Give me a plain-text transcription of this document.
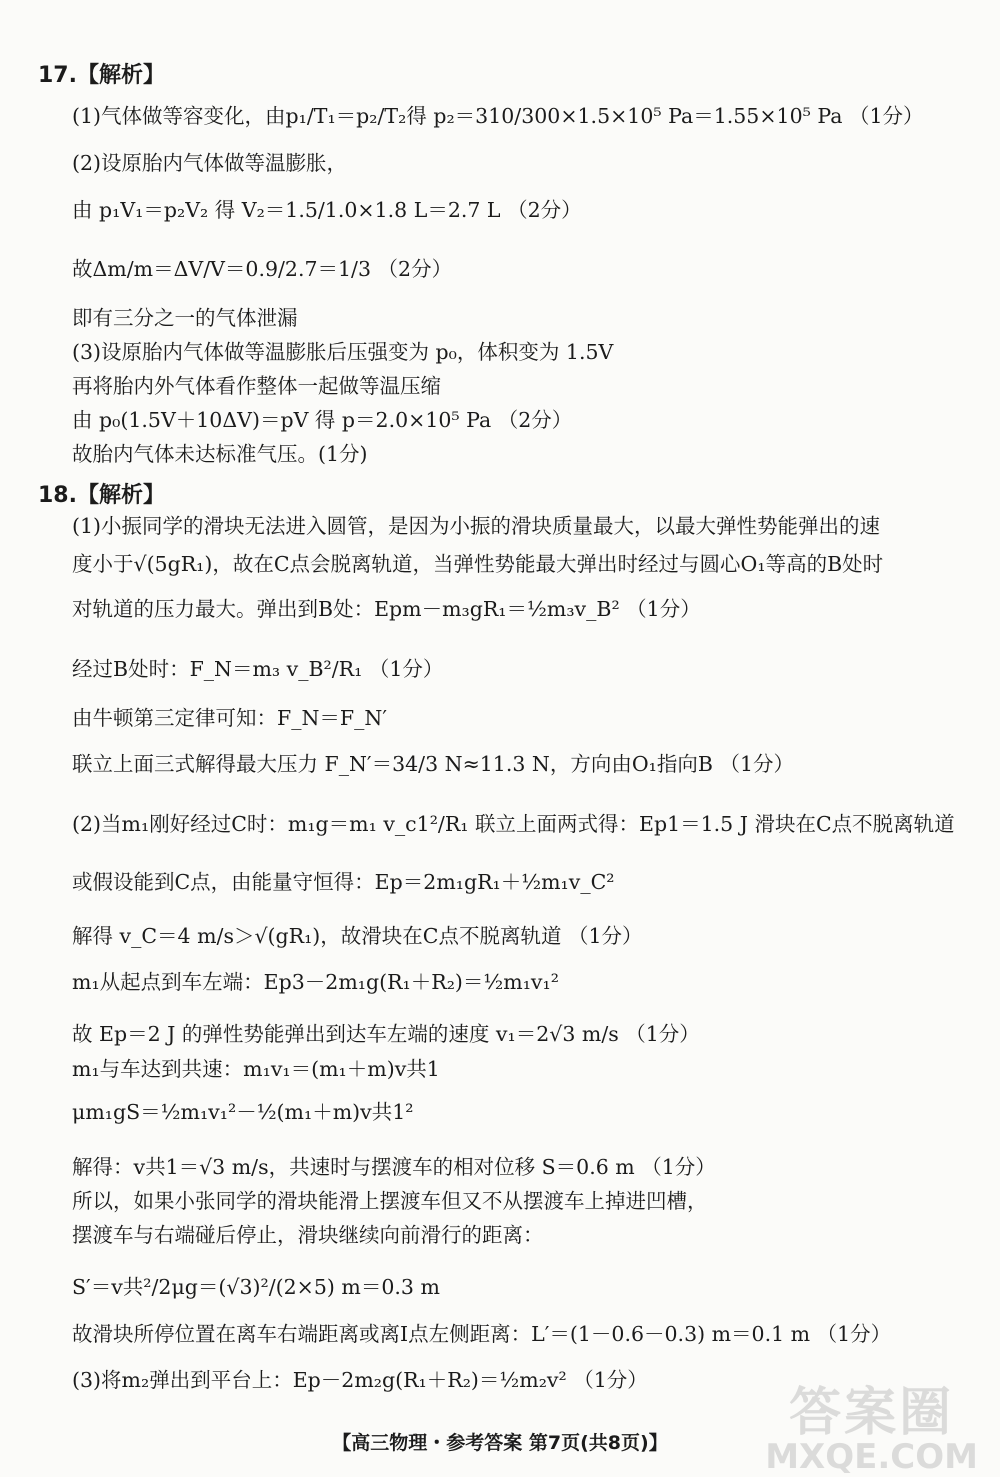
17.【解析】
(1)气体做等容变化，由p₁/T₁＝p₂/T₂得 p₂＝310/300×1.5×10⁵ Pa＝1.55×10⁵ Pa （1分）
(2)设原胎内气体做等温膨胀，
由 p₁V₁＝p₂V₂ 得 V₂＝1.5/1.0×1.8 L＝2.7 L （2分）
故Δm/m＝ΔV/V＝0.9/2.7＝1/3 （2分）
即有三分之一的气体泄漏
(3)设原胎内气体做等温膨胀后压强变为 p₀，体积变为 1.5V
再将胎内外气体看作整体一起做等温压缩
由 p₀(1.5V＋10ΔV)＝pV 得 p＝2.0×10⁵ Pa （2分）
故胎内气体未达标准气压。(1分)
18.【解析】
(1)小振同学的滑块无法进入圆管，是因为小振的滑块质量最大，以最大弹性势能弹出的速
度小于√(5gR₁)，故在C点会脱离轨道，当弹性势能最大弹出时经过与圆心O₁等高的B处时
对轨道的压力最大。弹出到B处：Epm－m₃gR₁＝½m₃v_B² （1分）
经过B处时：F_N＝m₃ v_B²/R₁ （1分）
由牛顿第三定律可知：F_N＝F_N′
联立上面三式解得最大压力 F_N′＝34/3 N≈11.3 N，方向由O₁指向B （1分）
(2)当m₁刚好经过C时：m₁g＝m₁ v_c1²/R₁ 联立上面两式得：Ep1＝1.5 J 滑块在C点不脱离轨道
或假设能到C点，由能量守恒得：Ep＝2m₁gR₁＋½m₁v_C²
解得 v_C＝4 m/s＞√(gR₁)，故滑块在C点不脱离轨道 （1分）
m₁从起点到车左端：Ep3－2m₁g(R₁＋R₂)＝½m₁v₁²
故 Ep＝2 J 的弹性势能弹出到达车左端的速度 v₁＝2√3 m/s （1分）
m₁与车达到共速：m₁v₁＝(m₁＋m)v共1
μm₁gS＝½m₁v₁²－½(m₁＋m)v共1²
解得：v共1＝√3 m/s，共速时与摆渡车的相对位移 S＝0.6 m （1分）
所以，如果小张同学的滑块能滑上摆渡车但又不从摆渡车上掉进凹槽，
摆渡车与右端碰后停止，滑块继续向前滑行的距离：
S′＝v共²/2μg＝(√3)²/(2×5) m＝0.3 m
故滑块所停位置在离车右端距离或离I点左侧距离：L′＝(1－0.6－0.3) m＝0.1 m （1分）
(3)将m₂弹出到平台上：Ep－2m₂g(R₁＋R₂)＝½m₂v² （1分）
【高三物理・参考答案 第7页(共8页)】	答案圈
MXQE.COM
